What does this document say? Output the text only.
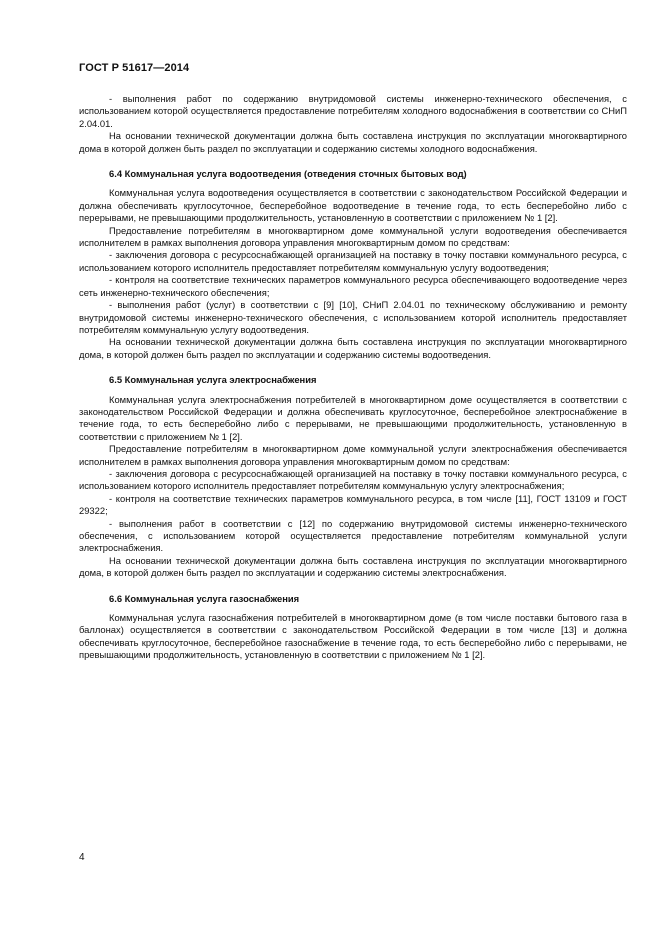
ГОСТ Р 51617—2014

- выполнения работ по содержанию внутридомовой системы инженерно-технического обеспечения, с использованием которой осуществляется предоставление потребителям холодного водоснабжения в соответствии со СНиП 2.04.01.

На основании технической документации должна быть составлена инструкция по эксплуатации многоквартирного дома в которой должен быть раздел по эксплуатации и содержанию системы холодного водоснабжения.

6.4 Коммунальная услуга водоотведения (отведения сточных бытовых вод)

Коммунальная услуга водоотведения осуществляется в соответствии с законодательством Российской Федерации и должна обеспечивать круглосуточное, бесперебойное водоотведение в течение года, то есть бесперебойно либо с перерывами, не превышающими продолжительность, установленную в соответствии с приложением № 1 [2].

Предоставление потребителям в многоквартирном доме коммунальной услуги водоотведения обеспечивается исполнителем в рамках выполнения договора управления многоквартирным домом по средствам:

- заключения договора с ресурсоснабжающей организацией на поставку в точку поставки коммунального ресурса, с использованием которого исполнитель предоставляет потребителям коммунальную услугу водоотведения;

- контроля на соответствие технических параметров коммунального ресурса обеспечивающего водоотведение через сеть инженерно-технического обеспечения;

- выполнения работ (услуг) в соответствии с [9] [10], СНиП 2.04.01 по техническому обслуживанию и ремонту внутридомовой системы инженерно-технического обеспечения, с использованием которой исполнитель предоставляет потребителям коммунальную услугу водоотведения.

На основании технической документации должна быть составлена инструкция по эксплуатации многоквартирного дома, в которой должен быть раздел по эксплуатации и содержанию системы водоотведения.

6.5 Коммунальная услуга электроснабжения

Коммунальная услуга электроснабжения потребителей в многоквартирном доме осуществляется в соответствии с законодательством Российской Федерации и должна обеспечивать круглосуточное, бесперебойное электроснабжение в течение года, то есть бесперебойно либо с перерывами, не превышающими продолжительность, установленную в соответствии с приложением № 1 [2].

Предоставление потребителям в многоквартирном доме коммунальной услуги электроснабжения обеспечивается исполнителем в рамках выполнения договора управления многоквартирным домом по средствам:

- заключения договора с ресурсоснабжающей организацией на поставку в точку поставки коммунального ресурса, с использованием которого исполнитель предоставляет потребителям коммунальную услугу электроснабжения;

- контроля на соответствие технических параметров коммунального ресурса, в том числе [11], ГОСТ 13109 и ГОСТ 29322;

- выполнения работ в соответствии с [12] по содержанию внутридомовой системы инженерно-технического обеспечения, с использованием которой осуществляется предоставление потребителям коммунальной услуги электроснабжения.

На основании технической документации должна быть составлена инструкция по эксплуатации многоквартирного дома, в которой должен быть раздел по эксплуатации и содержанию системы электроснабжения.

6.6 Коммунальная услуга газоснабжения

Коммунальная услуга газоснабжения потребителей в многоквартирном доме (в том числе поставки бытового газа в баллонах) осуществляется в соответствии с законодательством Российской Федерации в том числе [13] и должна обеспечивать круглосуточное, бесперебойное газоснабжение в течение года, то есть бесперебойно либо с перерывами, не превышающими продолжительность, установленную в соответствии с приложением № 1 [2].

4
